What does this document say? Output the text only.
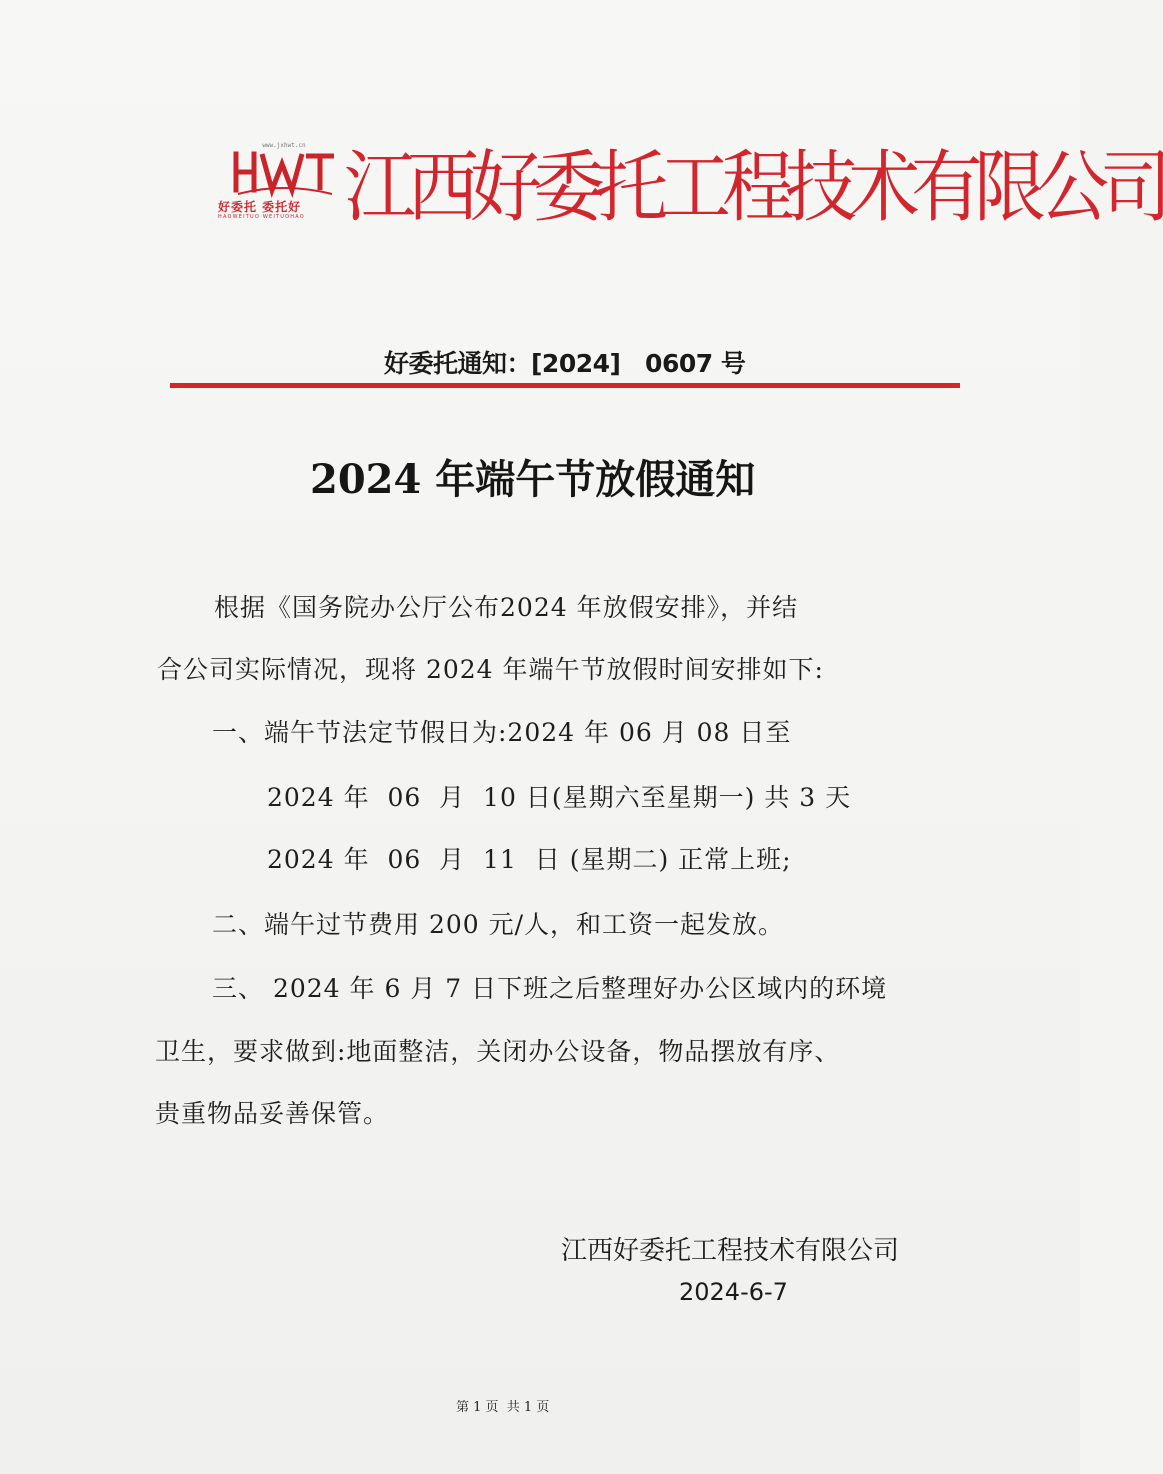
www.jxhwt.cn
好委托 委托好
HAOWEITUO WEITUOHAO 江西好委托工程技术有限公司
好委托通知：[2024]   0607 号
2024 年端午节放假通知
根据《国务院办公厅公布2024 年放假安排》，并结
合公司实际情况，现将 2024 年端午节放假时间安排如下:
一、端午节法定节假日为:2024 年 06 月 08 日至
2024 年  06  月  10 日(星期六至星期一) 共 3 天
2024 年  06  月  11  日 (星期二) 正常上班;
二、端午过节费用 200 元/人，和工资一起发放。
三、 2024 年 6 月 7 日下班之后整理好办公区域内的环境
卫生，要求做到:地面整洁，关闭办公设备，物品摆放有序、
贵重物品妥善保管。
江西好委托工程技术有限公司
2024-6-7
第 1 页  共 1 页
